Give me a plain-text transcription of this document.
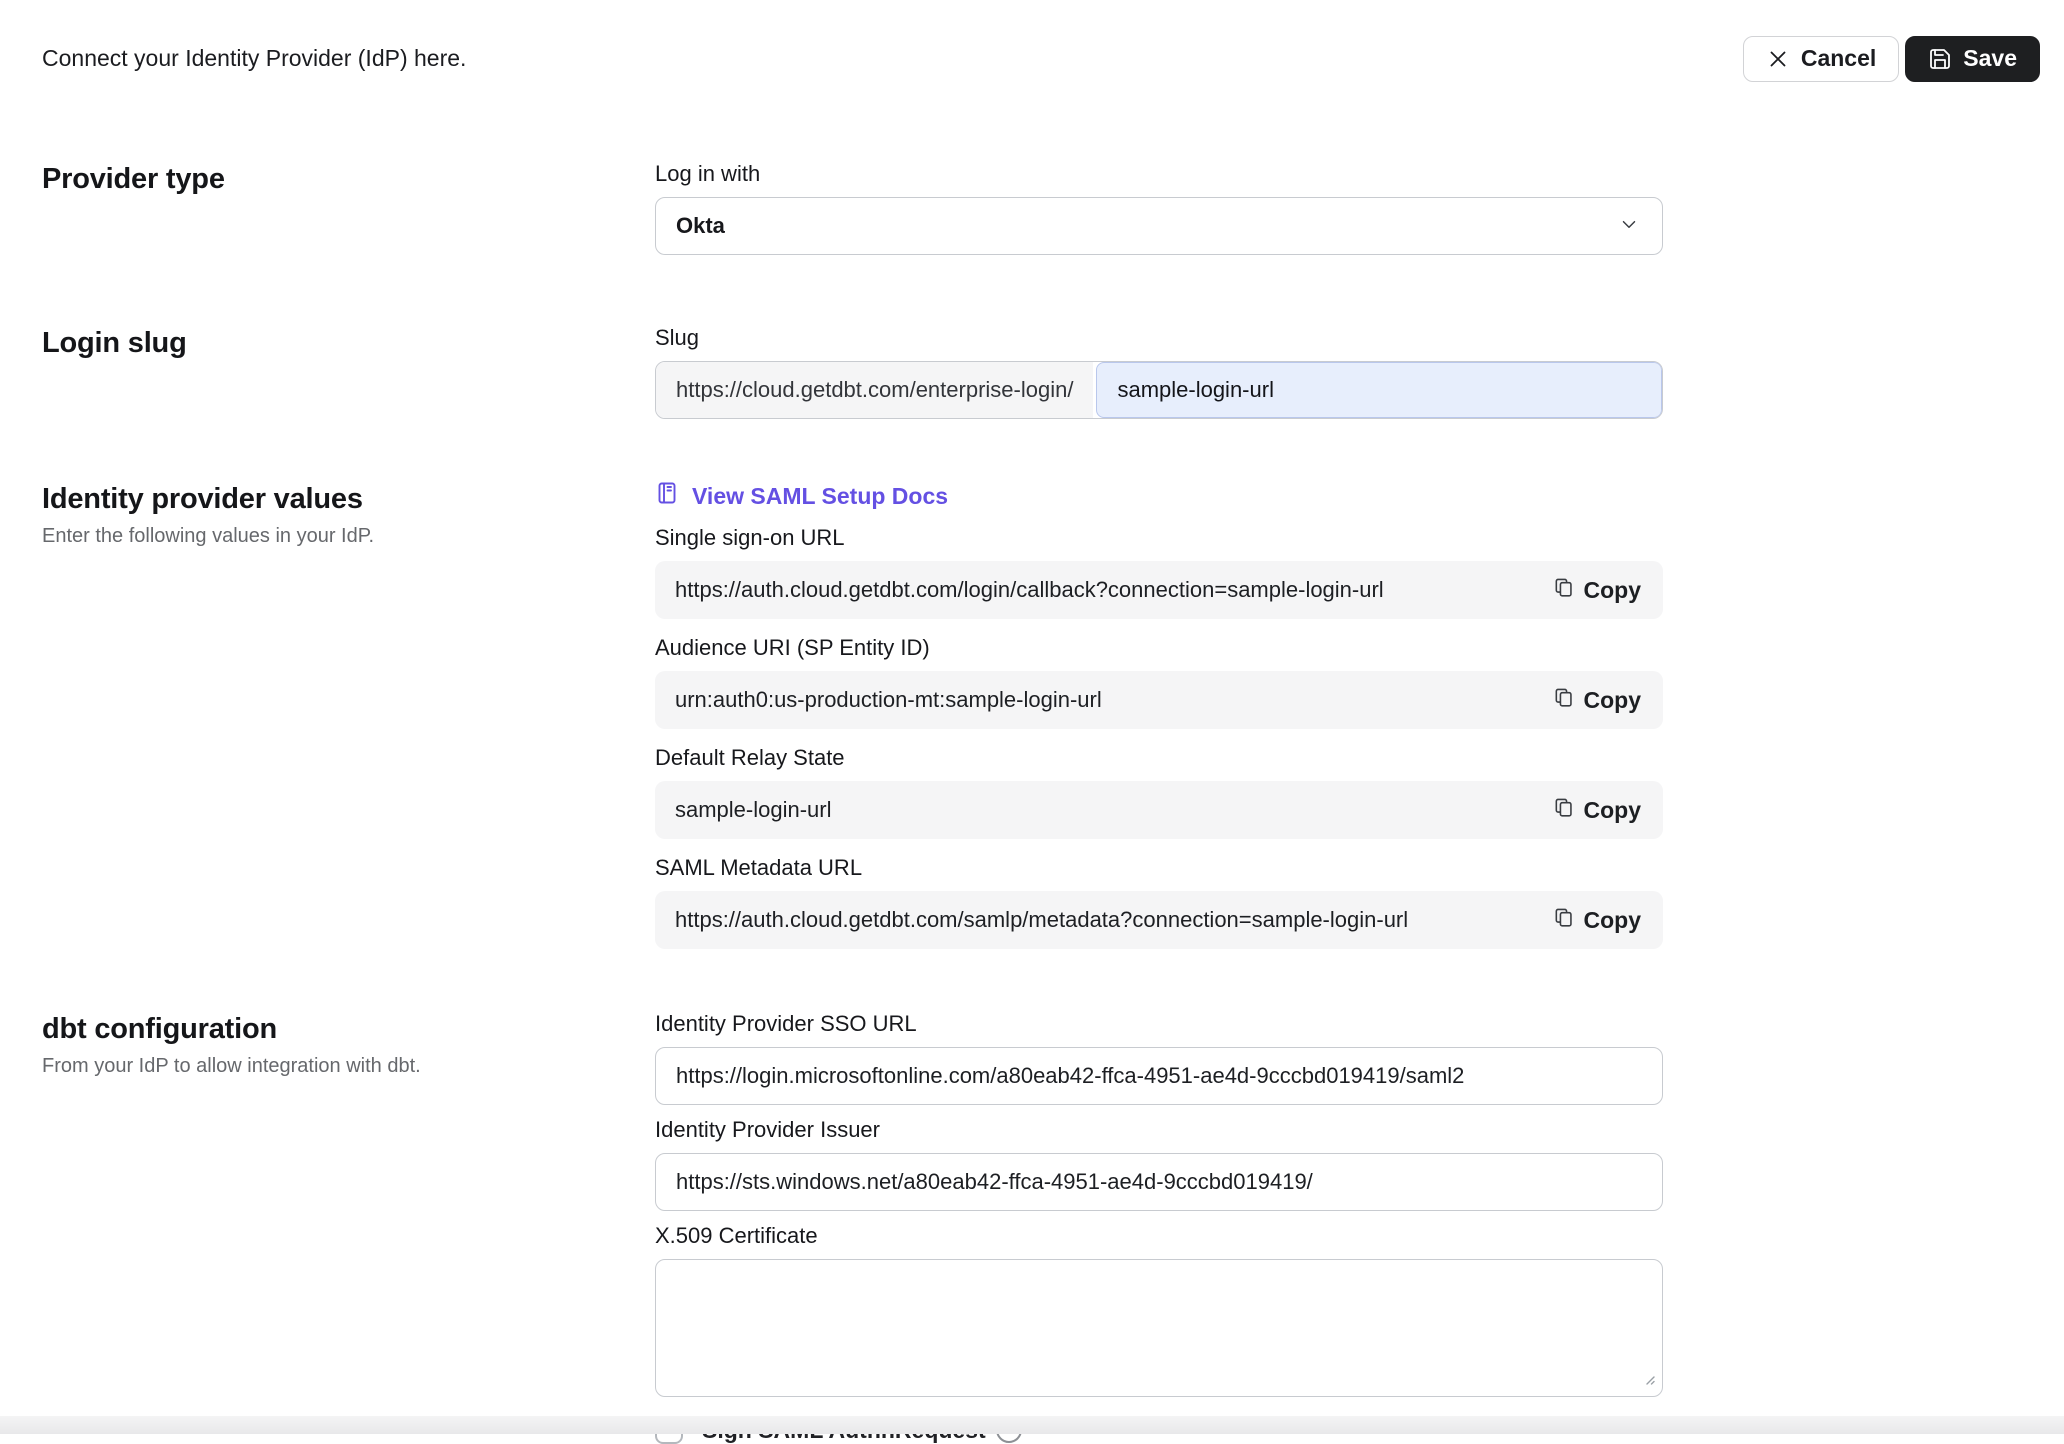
Connect your Identity Provider (IdP) here.	Cancel	Save
Provider type	Log in with
Okta
Login slug	Slug
https://cloud.getdbt.com/enterprise-login/
sample-login-url
Identity provider values

Enter the following values in your IdP.

View SAML Setup Docs
Single sign-on URL
https://auth.cloud.getdbt.com/login/callback?connection=sample-login-url	Copy
Audience URI (SP Entity ID)
urn:auth0:us-production-mt:sample-login-url	Copy
Default Relay State
sample-login-url	Copy
SAML Metadata URL
https://auth.cloud.getdbt.com/samlp/metadata?connection=sample-login-url	Copy
dbt configuration

From your IdP to allow integration with dbt.

Identity Provider SSO URL
https://login.microsoftonline.com/a80eab42-ffca-4951-ae4d-9cccbd019419/saml2
Identity Provider Issuer
https://sts.windows.net/a80eab42-ffca-4951-ae4d-9cccbd019419/
X.509 Certificate
